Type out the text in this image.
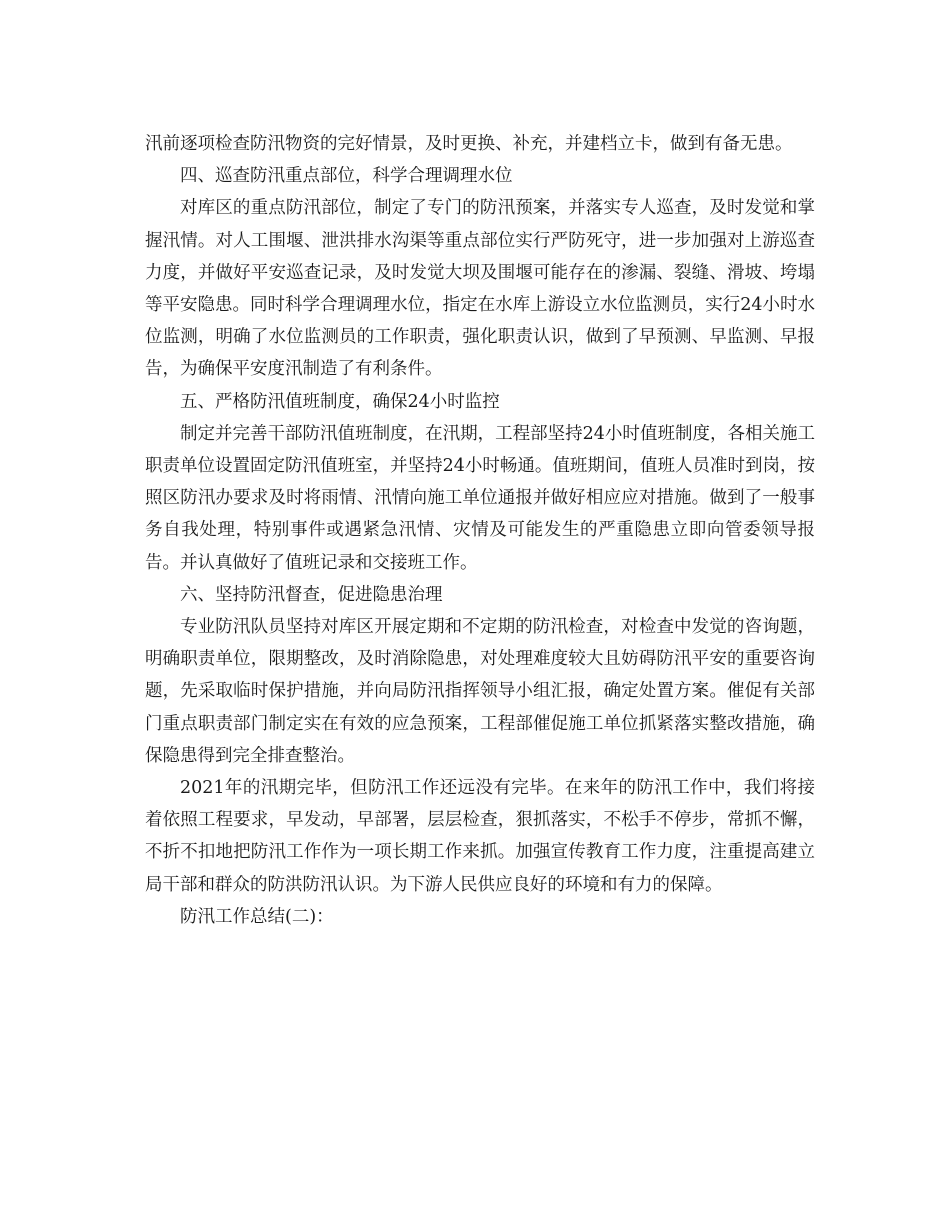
汛前逐项检查防汛物资的完好情景，及时更换、补充，并建档立卡，做到有备无患。

四、巡查防汛重点部位，科学合理调理水位

对库区的重点防汛部位，制定了专门的防汛预案，并落实专人巡查，及时发觉和掌握汛情。对人工围堰、泄洪排水沟渠等重点部位实行严防死守，进一步加强对上游巡查力度，并做好平安巡查记录，及时发觉大坝及围堰可能存在的渗漏、裂缝、滑坡、垮塌等平安隐患。同时科学合理调理水位，指定在水库上游设立水位监测员，实行24小时水位监测，明确了水位监测员的工作职责，强化职责认识，做到了早预测、早监测、早报告，为确保平安度汛制造了有利条件。

五、严格防汛值班制度，确保24小时监控

制定并完善干部防汛值班制度，在汛期，工程部坚持24小时值班制度，各相关施工职责单位设置固定防汛值班室，并坚持24小时畅通。值班期间，值班人员准时到岗，按照区防汛办要求及时将雨情、汛情向施工单位通报并做好相应应对措施。做到了一般事务自我处理，特别事件或遇紧急汛情、灾情及可能发生的严重隐患立即向管委领导报告。并认真做好了值班记录和交接班工作。

六、坚持防汛督查，促进隐患治理

专业防汛队员坚持对库区开展定期和不定期的防汛检查，对检查中发觉的咨询题，明确职责单位，限期整改，及时消除隐患，对处理难度较大且妨碍防汛平安的重要咨询题，先采取临时保护措施，并向局防汛指挥领导小组汇报，确定处置方案。催促有关部门重点职责部门制定实在有效的应急预案，工程部催促施工单位抓紧落实整改措施，确保隐患得到完全排查整治。

2021年的汛期完毕，但防汛工作还远没有完毕。在来年的防汛工作中，我们将接着依照工程要求，早发动，早部署，层层检查，狠抓落实，不松手不停步，常抓不懈，不折不扣地把防汛工作作为一项长期工作来抓。加强宣传教育工作力度，注重提高建立局干部和群众的防洪防汛认识。为下游人民供应良好的环境和有力的保障。

防汛工作总结(二)：
